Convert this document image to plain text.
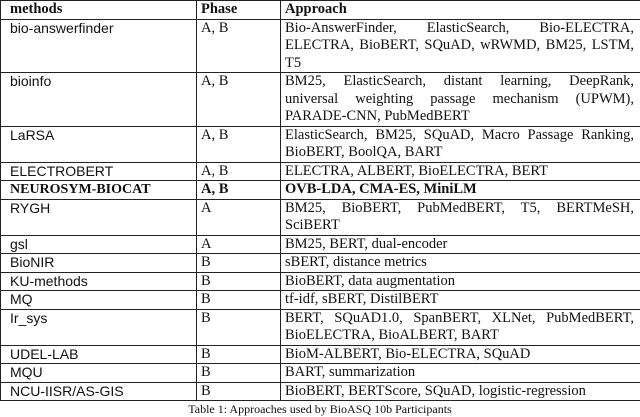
methods	Phase	Approach
bio-answerfinder	A, B	Bio-AnswerFinder, ElasticSearch, Bio-ELECTRA, ELECTRA, BioBERT, SQuAD, wRWMD, BM25, LSTM, T5
bioinfo	A, B	BM25, ElasticSearch, distant learning, DeepRank, universal weighting passage mechanism (UPWM), PARADE-CNN, PubMedBERT
LaRSA	A, B	ElasticSearch, BM25, SQuAD, Macro Passage Ranking, BioBERT, BoolQA, BART
ELECTROBERT	A, B	ELECTRA, ALBERT, BioELECTRA, BERT
NEUROSYM-BIOCAT	A, B	OVB-LDA, CMA-ES, MiniLM
RYGH	A	BM25, BioBERT, PubMedBERT, T5, BERTMeSH, SciBERT
gsl	A	BM25, BERT, dual-encoder
BioNIR	B	sBERT, distance metrics
KU-methods	B	BioBERT, data augmentation
MQ	B	tf-idf, sBERT, DistilBERT
Ir_sys	B	BERT, SQuAD1.0, SpanBERT, XLNet, PubMedBERT, BioELECTRA, BioALBERT, BART
UDEL-LAB	B	BioM-ALBERT, Bio-ELECTRA, SQuAD
MQU	B	BART, summarization
NCU-IISR/AS-GIS	B	BioBERT, BERTScore, SQuAD, logistic-regression
Table 1: Approaches used by BioASQ 10b Participants
